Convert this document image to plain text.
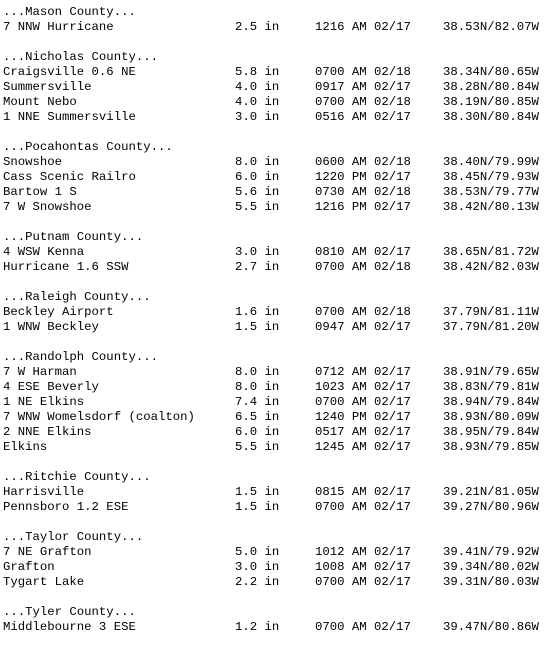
...Mason County...
7 NNW Hurricane	2.5 in	1216 AM 02/17	38.53N/82.07W
...Nicholas County...
Craigsville 0.6 NE	5.8 in	0700 AM 02/18	38.34N/80.65W
Summersville	4.0 in	0917 AM 02/17	38.28N/80.84W
Mount Nebo	4.0 in	0700 AM 02/18	38.19N/80.85W
1 NNE Summersville	3.0 in	0516 AM 02/17	38.30N/80.84W
...Pocahontas County...
Snowshoe	8.0 in	0600 AM 02/18	38.40N/79.99W
Cass Scenic Railro	6.0 in	1220 PM 02/17	38.45N/79.93W
Bartow 1 S	5.6 in	0730 AM 02/18	38.53N/79.77W
7 W Snowshoe	5.5 in	1216 PM 02/17	38.42N/80.13W
...Putnam County...
4 WSW Kenna	3.0 in	0810 AM 02/17	38.65N/81.72W
Hurricane 1.6 SSW	2.7 in	0700 AM 02/18	38.42N/82.03W
...Raleigh County...
Beckley Airport	1.6 in	0700 AM 02/18	37.79N/81.11W
1 WNW Beckley	1.5 in	0947 AM 02/17	37.79N/81.20W
...Randolph County...
7 W Harman	8.0 in	0712 AM 02/17	38.91N/79.65W
4 ESE Beverly	8.0 in	1023 AM 02/17	38.83N/79.81W
1 NE Elkins	7.4 in	0700 AM 02/17	38.94N/79.84W
7 WNW Womelsdorf (coalton)	6.5 in	1240 PM 02/17	38.93N/80.09W
2 NNE Elkins	6.0 in	0517 AM 02/17	38.95N/79.84W
Elkins	5.5 in	1245 AM 02/17	38.93N/79.85W
...Ritchie County...
Harrisville	1.5 in	0815 AM 02/17	39.21N/81.05W
Pennsboro 1.2 ESE	1.5 in	0700 AM 02/17	39.27N/80.96W
...Taylor County...
7 NE Grafton	5.0 in	1012 AM 02/17	39.41N/79.92W
Grafton	3.0 in	1008 AM 02/17	39.34N/80.02W
Tygart Lake	2.2 in	0700 AM 02/17	39.31N/80.03W
...Tyler County...
Middlebourne 3 ESE	1.2 in	0700 AM 02/17	39.47N/80.86W
